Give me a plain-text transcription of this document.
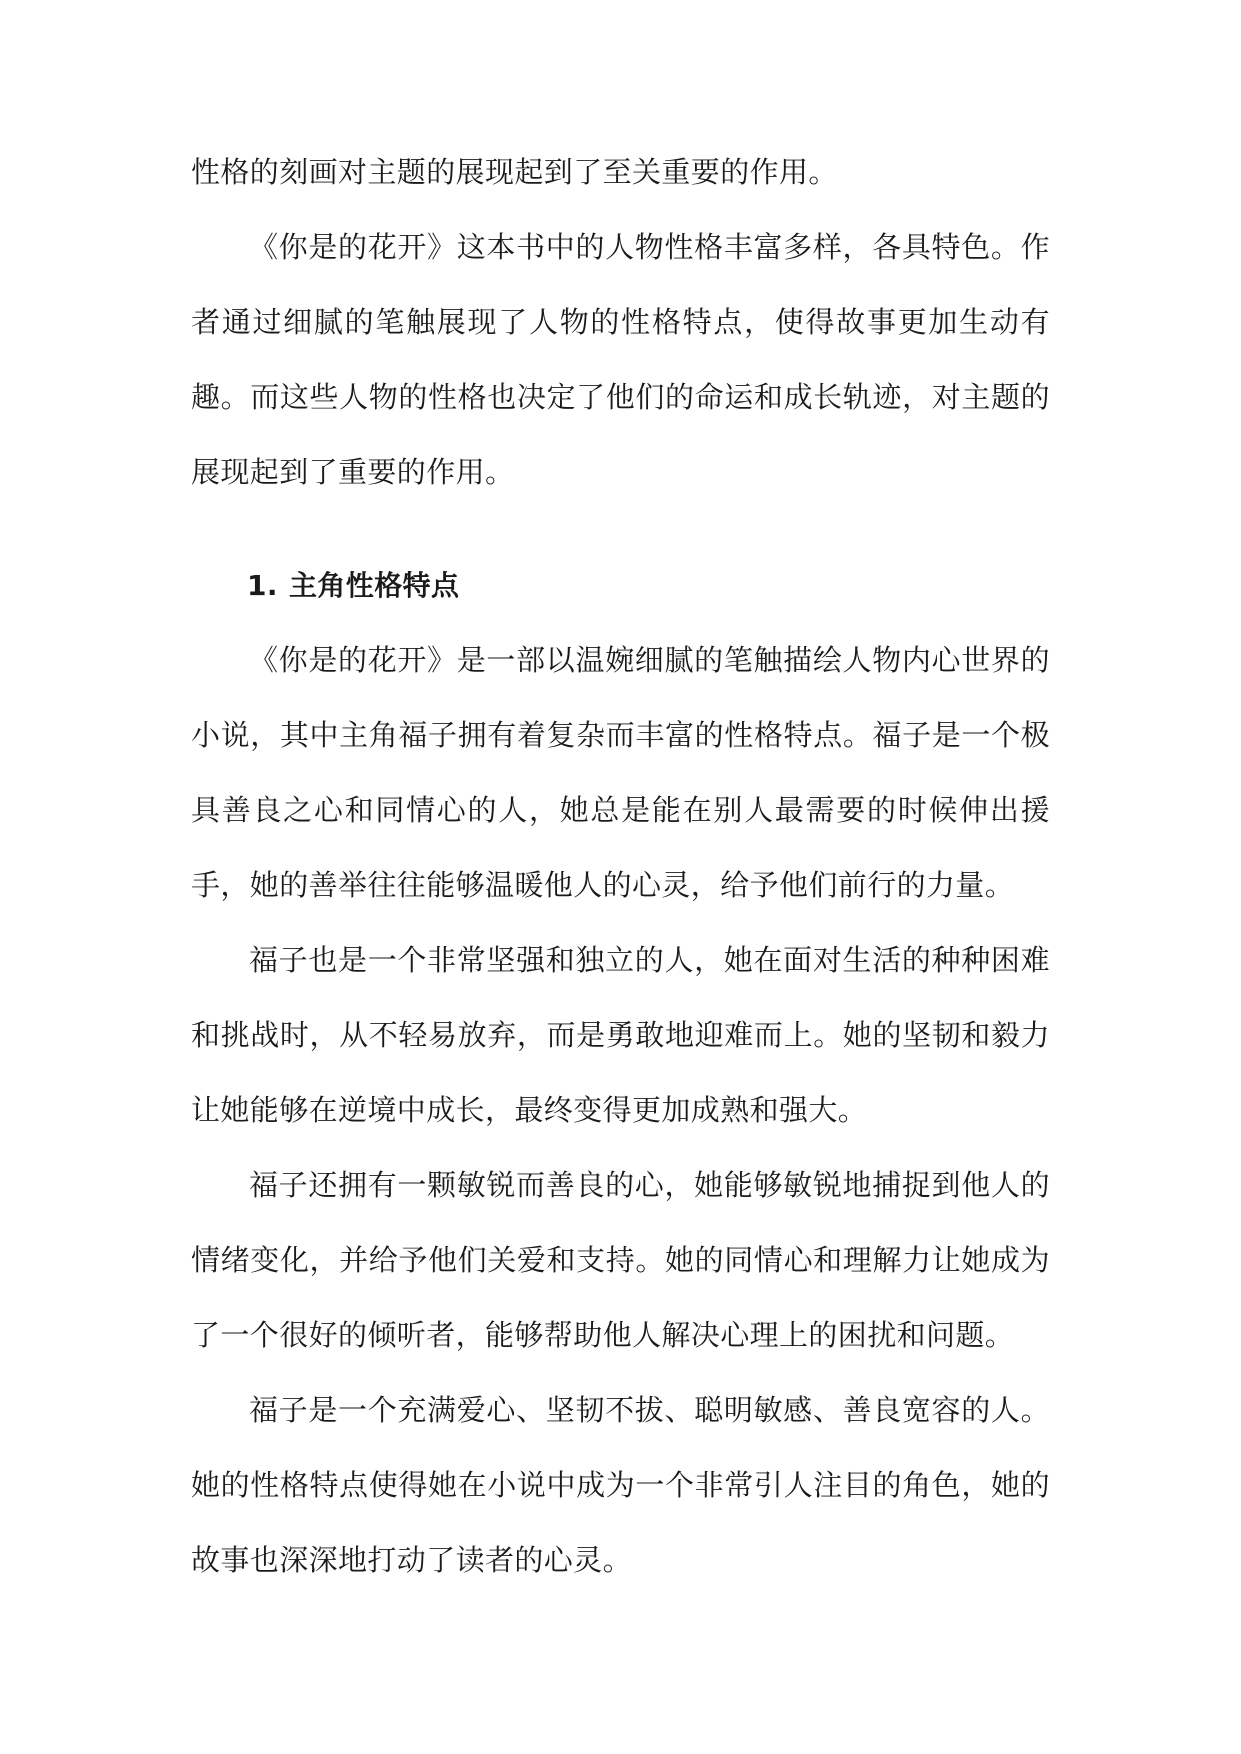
性格的刻画对主题的展现起到了至关重要的作用。

《你是的花开》这本书中的人物性格丰富多样，各具特色。作者通过细腻的笔触展现了人物的性格特点，使得故事更加生动有趣。而这些人物的性格也决定了他们的命运和成长轨迹，对主题的展现起到了重要的作用。

1. 主角性格特点

《你是的花开》是一部以温婉细腻的笔触描绘人物内心世界的小说，其中主角福子拥有着复杂而丰富的性格特点。福子是一个极具善良之心和同情心的人，她总是能在别人最需要的时候伸出援手，她的善举往往能够温暖他人的心灵，给予他们前行的力量。

福子也是一个非常坚强和独立的人，她在面对生活的种种困难和挑战时，从不轻易放弃，而是勇敢地迎难而上。她的坚韧和毅力让她能够在逆境中成长，最终变得更加成熟和强大。

福子还拥有一颗敏锐而善良的心，她能够敏锐地捕捉到他人的情绪变化，并给予他们关爱和支持。她的同情心和理解力让她成为了一个很好的倾听者，能够帮助他人解决心理上的困扰和问题。

福子是一个充满爱心、坚韧不拔、聪明敏感、善良宽容的人。她的性格特点使得她在小说中成为一个非常引人注目的角色，她的故事也深深地打动了读者的心灵。
